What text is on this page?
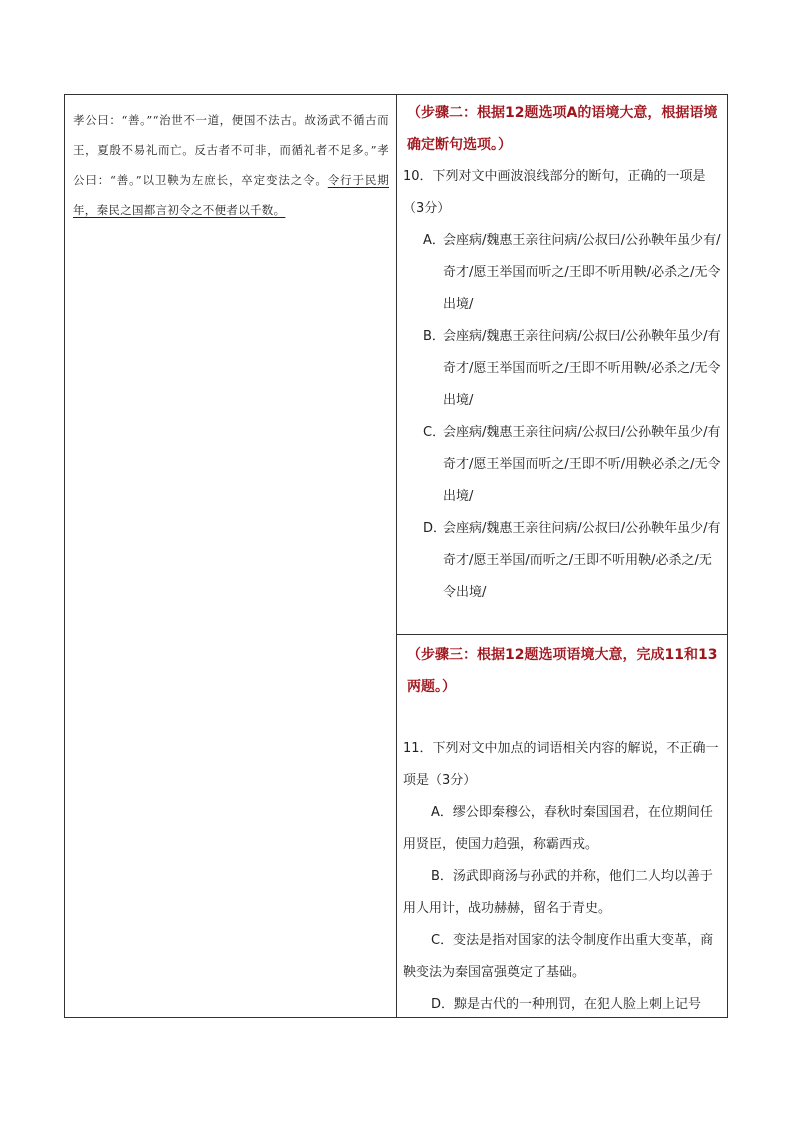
孝公曰：“善。”“治世不一道，便国不法古。故汤武不循古而王，夏殷不易礼而亡。反古者不可非，而循礼者不足多。”孝公曰：“善。”以卫鞅为左庶长，卒定变法之令。令行于民期年，秦民之国都言初令之不便者以千数。
（步骤二：根据12题选项A的语境大意，根据语境确定断句选项。）
10．下列对文中画波浪线部分的断句，正确的一项是（3分）
A．
会座病/魏惠王亲往问病/公叔曰/公孙鞅年虽少有/奇才/愿王举国而听之/王即不听用鞅/必杀之/无令出境/
B．
会座病/魏惠王亲往问病/公叔曰/公孙鞅年虽少/有奇才/愿王举国而听之/王即不听用鞅/必杀之/无令出境/
C．
会座病/魏惠王亲往问病/公叔曰/公孙鞅年虽少/有奇才/愿王举国而听之/王即不听/用鞅必杀之/无令出境/
D．
会座病/魏惠王亲往问病/公叔曰/公孙鞅年虽少/有奇才/愿王举国/而听之/王即不听用鞅/必杀之/无令出境/
（步骤三：根据12题选项语境大意，完成11和13两题。）
11．下列对文中加点的词语相关内容的解说，不正确一项是（3分）
A．缪公即秦穆公，春秋时秦国国君，在位期间任用贤臣，使国力趋强，称霸西戎。
B．汤武即商汤与孙武的并称，他们二人均以善于用人用计，战功赫赫，留名于青史。
C．变法是指对国家的法令制度作出重大变革，商鞅变法为秦国富强奠定了基础。
D．黥是古代的一种刑罚，在犯人脸上刺上记号
